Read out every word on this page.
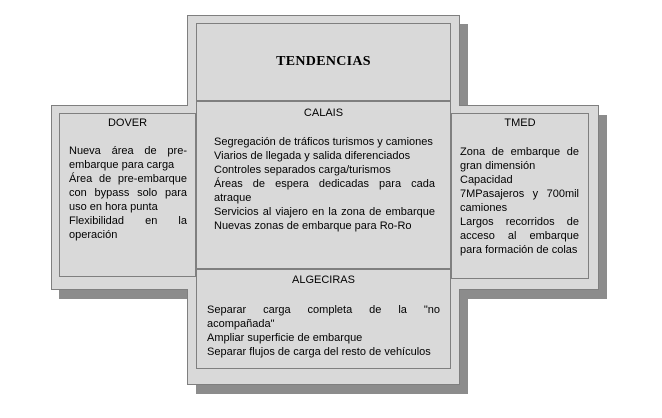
TENDENCIAS
DOVER
Nueva área de pre-embarque para carga
Área de pre-embarque con bypass solo para uso en hora punta
Flexibilidad en la operación
CALAIS
Segregación de tráficos turismos y camiones
Viarios de llegada y salida diferenciados
Controles separados carga/turismos
Áreas de espera dedicadas para cada atraque
Servicios al viajero en la zona de embarque Nuevas zonas de embarque para Ro-Ro
TMED
Zona de embarque de gran dimensión
Capacidad 7MPasajeros y 700mil camiones
Largos recorridos de acceso al embarque para formación de colas
ALGECIRAS
Separar carga completa de la "no acompañada"
Ampliar superficie de embarque
Separar flujos de carga del resto de vehículos
